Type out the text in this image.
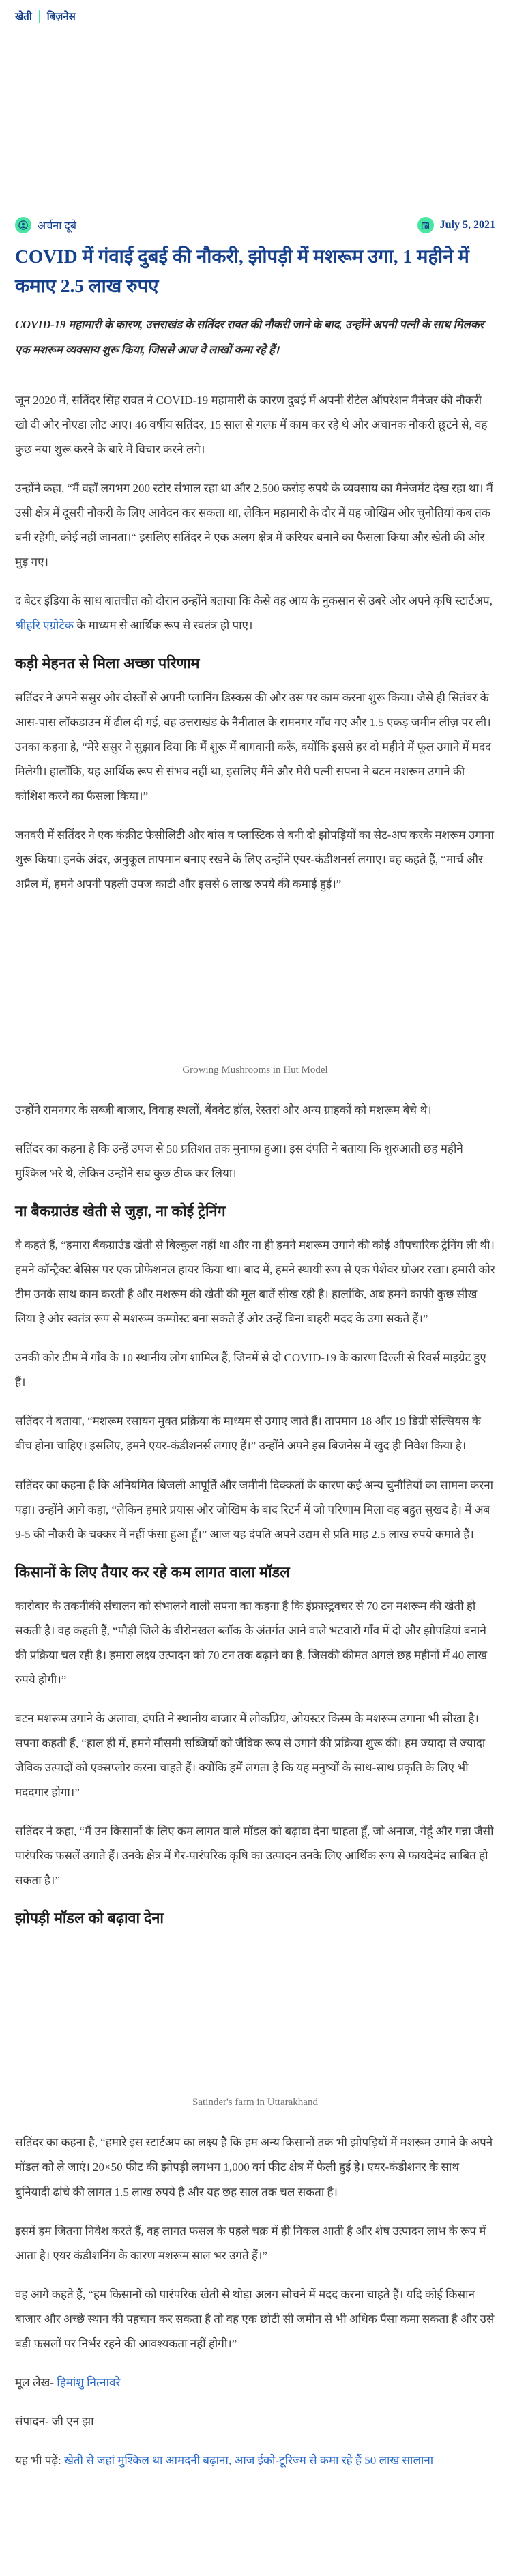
खेती बिज़नेस
अर्चना दूबे	July 5, 2021
COVID में गंवाई दुबई की नौकरी, झोपड़ी में मशरूम उगा, 1 महीने में कमाए 2.5 लाख रुपए

COVID-19 महामारी के कारण, उत्तराखंड के सतिंदर रावत की नौकरी जाने के बाद, उन्होंने अपनी पत्नी के साथ मिलकर एक मशरूम व्यवसाय शुरू किया, जिससे आज वे लाखों कमा रहे हैं।

जून 2020 में, सतिंदर सिंह रावत ने COVID-19 महामारी के कारण दुबई में अपनी रीटेल ऑपरेशन मैनेजर की नौकरी खो दी और नोएडा लौट आए। 46 वर्षीय सतिंदर, 15 साल से गल्फ में काम कर रहे थे और अचानक नौकरी छूटने से, वह कुछ नया शुरू करने के बारे में विचार करने लगे।

उन्होंने कहा, “मैं वहाँ लगभग 200 स्टोर संभाल रहा था और 2,500 करोड़ रुपये के व्यवसाय का मैनेजमेंट देख रहा था। मैं उसी क्षेत्र में दूसरी नौकरी के लिए आवेदन कर सकता था, लेकिन महामारी के दौर में यह जोखिम और चुनौतियां कब तक बनी रहेंगी, कोई नहीं जानता।“ इसलिए सतिंदर ने एक अलग क्षेत्र में करियर बनाने का फैसला किया और खेती की ओर मुड़ गए।

द बेटर इंडिया के साथ बातचीत को दौरान उन्होंने बताया कि कैसे वह आय के नुकसान से उबरे और अपने कृषि स्टार्टअप, श्रीहरि एग्रोटेक के माध्यम से आर्थिक रूप से स्वतंत्र हो पाए।

कड़ी मेहनत से मिला अच्छा परिणाम

सतिंदर ने अपने ससुर और दोस्तों से अपनी प्लानिंग डिस्कस की और उस पर काम करना शुरू किया। जैसे ही सितंबर के आस-पास लॉकडाउन में ढील दी गई, वह उत्तराखंड के नैनीताल के रामनगर गाँव गए और 1.5 एकड़ जमीन लीज़ पर ली। उनका कहना है, “मेरे ससुर ने सुझाव दिया कि मैं शुरू में बागवानी करूँ, क्योंकि इससे हर दो महीने में फूल उगाने में मदद मिलेगी। हालाँकि, यह आर्थिक रूप से संभव नहीं था, इसलिए मैंने और मेरी पत्नी सपना ने बटन मशरूम उगाने की कोशिश करने का फैसला किया।”

जनवरी में सतिंदर ने एक कंक्रीट फेसीलिटी और बांस व प्लास्टिक से बनी दो झोपड़ियों का सेट-अप करके मशरूम उगाना शुरू किया। इनके अंदर, अनुकूल तापमान बनाए रखने के लिए उन्होंने एयर-कंडीशनर्स लगाए। वह कहते हैं, “मार्च और अप्रैल में, हमने अपनी पहली उपज काटी और इससे 6 लाख रुपये की कमाई हुई।”

Growing Mushrooms in Hut Model

उन्होंने रामनगर के सब्जी बाजार, विवाह स्थलों, बैंक्वेट हॉल, रेस्तरां और अन्य ग्राहकों को मशरूम बेचे थे।

सतिंदर का कहना है कि उन्हें उपज से 50 प्रतिशत तक मुनाफा हुआ। इस दंपति ने बताया कि शुरुआती छह महीने मुश्किल भरे थे, लेकिन उन्होंने सब कुछ ठीक कर लिया।

ना बैकग्राउंड खेती से जुड़ा, ना कोई ट्रेनिंग

वे कहते हैं, “हमारा बैकग्राउंड खेती से बिल्कुल नहीं था और ना ही हमने मशरूम उगाने की कोई औपचारिक ट्रेनिंग ली थी। हमने कॉन्ट्रैक्ट बेसिस पर एक प्रोफेशनल हायर किया था। बाद में, हमने स्थायी रूप से एक पेशेवर ग्रोअर रखा। हमारी कोर टीम उनके साथ काम करती है और मशरूम की खेती की मूल बातें सीख रही है। हालांकि, अब हमने काफी कुछ सीख लिया है और स्वतंत्र रूप से मशरूम कम्पोस्ट बना सकते हैं और उन्हें बिना बाहरी मदद के उगा सकते हैं।”

उनकी कोर टीम में गाँव के 10 स्थानीय लोग शामिल हैं, जिनमें से दो COVID-19 के कारण दिल्ली से रिवर्स माइग्रेट हुए हैं।

सतिंदर ने बताया, “मशरूम रसायन मुक्त प्रक्रिया के माध्यम से उगाए जाते हैं। तापमान 18 और 19 डिग्री सेल्सियस के बीच होना चाहिए। इसलिए, हमने एयर-कंडीशनर्स लगाए हैं।” उन्होंने अपने इस बिजनेस में खुद ही निवेश किया है।

सतिंदर का कहना है कि अनियमित बिजली आपूर्ति और जमीनी दिक्कतों के कारण कई अन्य चुनौतियों का सामना करना पड़ा। उन्होंने आगे कहा, “लेकिन हमारे प्रयास और जोखिम के बाद रिटर्न में जो परिणाम मिला वह बहुत सुखद है। मैं अब 9-5 की नौकरी के चक्कर में नहीं फंसा हुआ हूँ।” आज यह दंपति अपने उद्यम से प्रति माह 2.5 लाख रुपये कमाते हैं।

किसानों के लिए तैयार कर रहे कम लागत वाला मॉडल

कारोबार के तकनीकी संचालन को संभालने वाली सपना का कहना है कि इंफ्रास्ट्रक्चर से 70 टन मशरूम की खेती हो सकती है। वह कहती हैं, “पौड़ी जिले के बीरोनखल ब्लॉक के अंतर्गत आने वाले भटवारों गाँव में दो और झोपड़ियां बनाने की प्रक्रिया चल रही है। हमारा लक्ष्य उत्पादन को 70 टन तक बढ़ाने का है, जिसकी कीमत अगले छह महीनों में 40 लाख रुपये होगी।”

बटन मशरूम उगाने के अलावा, दंपति ने स्थानीय बाजार में लोकप्रिय, ओयस्टर किस्म के मशरूम उगाना भी सीखा है। सपना कहती हैं, “हाल ही में, हमने मौसमी सब्जियों को जैविक रूप से उगाने की प्रक्रिया शुरू की। हम ज्यादा से ज्यादा जैविक उत्पादों को एक्सप्लोर करना चाहते हैं। क्योंकि हमें लगता है कि यह मनुष्यों के साथ-साथ प्रकृति के लिए भी मददगार होगा।”

सतिंदर ने कहा, “मैं उन किसानों के लिए कम लागत वाले मॉडल को बढ़ावा देना चाहता हूँ, जो अनाज, गेहूं और गन्ना जैसी पारंपरिक फसलें उगाते हैं। उनके क्षेत्र में गैर-पारंपरिक कृषि का उत्पादन उनके लिए आर्थिक रूप से फायदेमंद साबित हो सकता है।”

झोपड़ी मॉडल को बढ़ावा देना
Satinder's farm in Uttarakhand

सतिंदर का कहना है, “हमारे इस स्टार्टअप का लक्ष्य है कि हम अन्य किसानों तक भी झोपड़ियों में मशरूम उगाने के अपने मॉडल को ले जाएं। 20×50 फीट की झोपड़ी लगभग 1,000 वर्ग फीट क्षेत्र में फैली हुई है। एयर-कंडीशनर के साथ बुनियादी ढांचे की लागत 1.5 लाख रुपये है और यह छह साल तक चल सकता है।

इसमें हम जितना निवेश करते हैं, वह लागत फसल के पहले चक्र में ही निकल आती है और शेष उत्पादन लाभ के रूप में आता है। एयर कंडीशनिंग के कारण मशरूम साल भर उगते हैं।”

वह आगे कहते हैं, “हम किसानों को पारंपरिक खेती से थोड़ा अलग सोचने में मदद करना चाहते हैं। यदि कोई किसान बाजार और अच्छे स्थान की पहचान कर सकता है तो वह एक छोटी सी जमीन से भी अधिक पैसा कमा सकता है और उसे बड़ी फसलों पर निर्भर रहने की आवश्यकता नहीं होगी।”

मूल लेख- हिमांशु नित्नावरे

संपादन- जी एन झा

यह भी पढ़ें: खेती से जहां मुश्किल था आमदनी बढ़ाना, आज ईको-टूरिज्म से कमा रहे हैं 50 लाख सालाना
